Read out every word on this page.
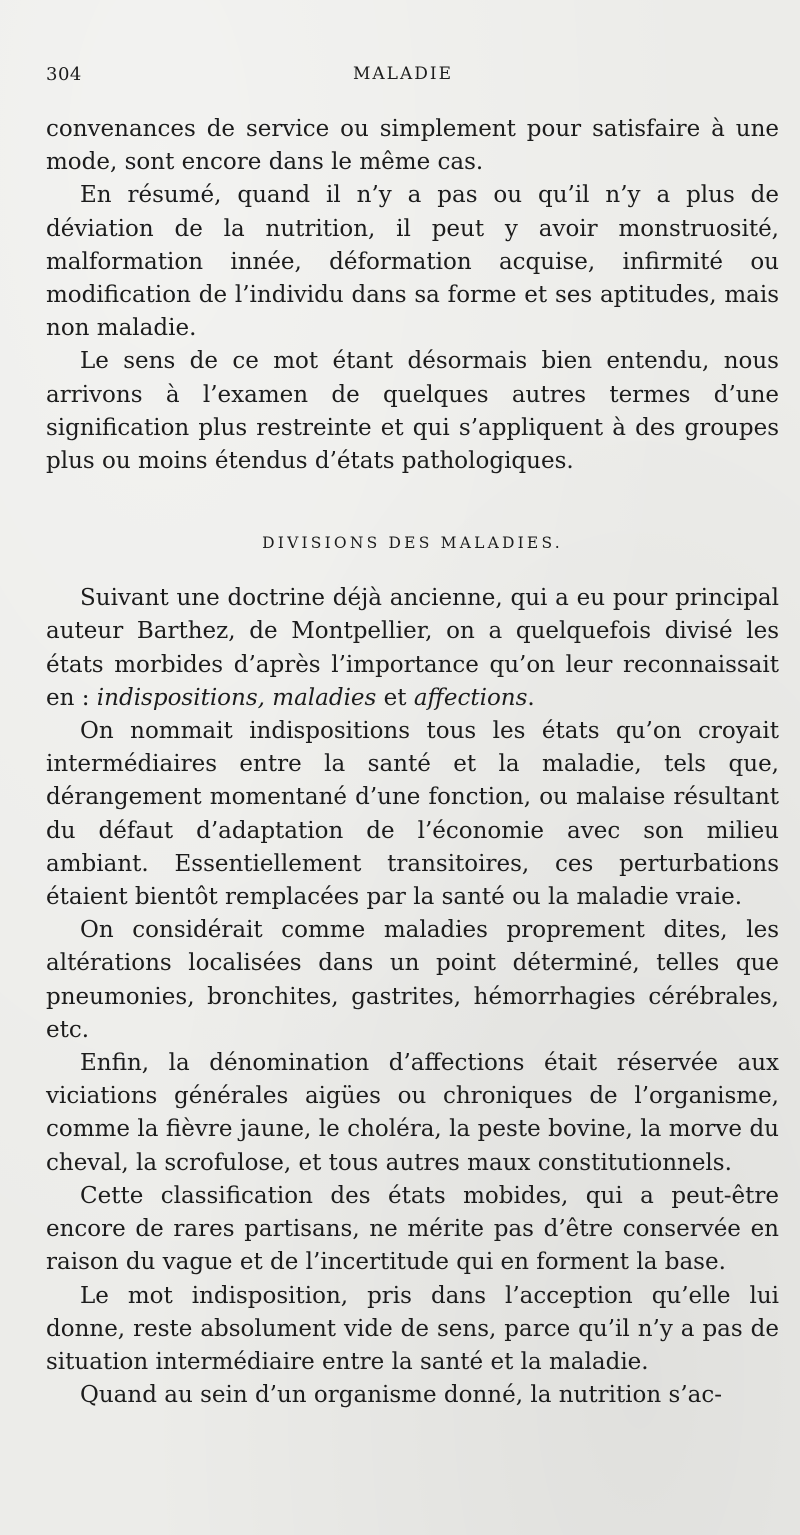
304	MALADIE

convenances de service ou simplement pour satisfaire à une mode, sont encore dans le même cas.

En résumé, quand il n’y a pas ou qu’il n’y a plus de déviation de la nutrition, il peut y avoir monstruosité, malformation innée, déformation acquise, infirmité ou modification de l’individu dans sa forme et ses aptitudes, mais non maladie.

Le sens de ce mot étant désormais bien entendu, nous arrivons à l’examen de quelques autres termes d’une signification plus restreinte et qui s’appliquent à des groupes plus ou moins étendus d’états pathologiques.

DIVISIONS DES MALADIES.

Suivant une doctrine déjà ancienne, qui a eu pour principal auteur Barthez, de Montpellier, on a quelquefois divisé les états morbides d’après l’importance qu’on leur reconnaissait en : indispositions, maladies et affections.

On nommait indispositions tous les états qu’on croyait intermédiaires entre la santé et la maladie, tels que, dérangement momentané d’une fonction, ou malaise résultant du défaut d’adaptation de l’économie avec son milieu ambiant. Essentiellement transitoires, ces perturbations étaient bientôt remplacées par la santé ou la maladie vraie.

On considérait comme maladies proprement dites, les altérations localisées dans un point déterminé, telles que pneumonies, bronchites, gastrites, hémorrhagies cérébrales, etc.

Enfin, la dénomination d’affections était réservée aux viciations générales aigües ou chroniques de l’organisme, comme la fièvre jaune, le choléra, la peste bovine, la morve du cheval, la scrofulose, et tous autres maux constitutionnels.

Cette classification des états mobides, qui a peut-être encore de rares partisans, ne mérite pas d’être conservée en raison du vague et de l’incertitude qui en forment la base.

Le mot indisposition, pris dans l’acception qu’elle lui donne, reste absolument vide de sens, parce qu’il n’y a pas de situation intermédiaire entre la santé et la maladie.

Quand au sein d’un organisme donné, la nutrition s’ac-
